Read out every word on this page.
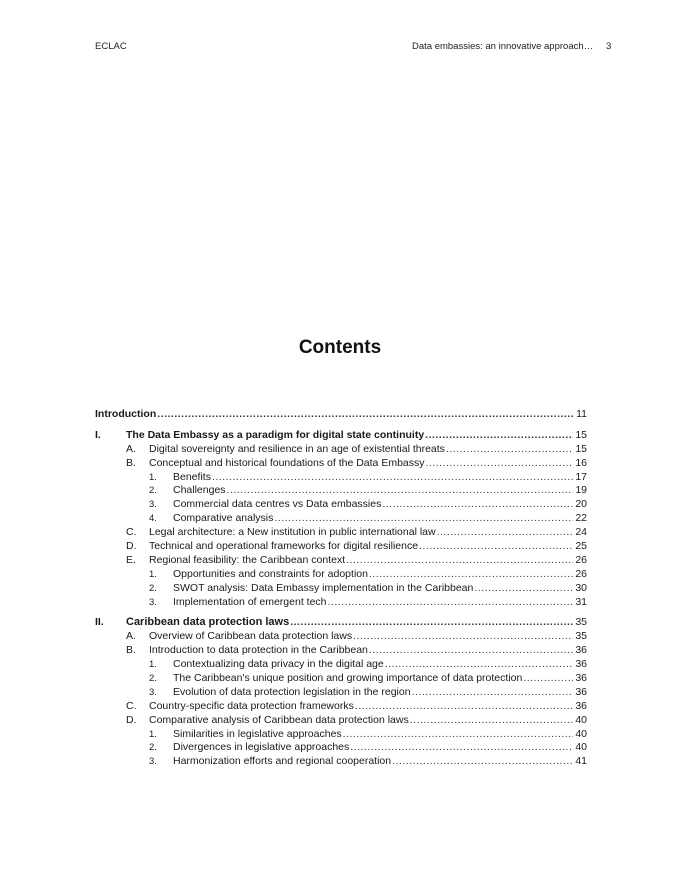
ECLAC	Data embassies: an innovative approach… 3
Contents
Introduction .....	11
I. The Data Embassy as a paradigm for digital state continuity .....	15
A. Digital sovereignty and resilience in an age of existential threats .....	15
B. Conceptual and historical foundations of the Data Embassy .....	16
1. Benefits .....	17
2. Challenges .....	19
3. Commercial data centres vs Data embassies .....	20
4. Comparative analysis .....	22
C. Legal architecture: a New institution in public international law .....	24
D. Technical and operational frameworks for digital resilience .....	25
E. Regional feasibility: the Caribbean context .....	26
1. Opportunities and constraints for adoption .....	26
2. SWOT analysis: Data Embassy implementation in the Caribbean .....	30
3. Implementation of emergent tech .....	31
II. Caribbean data protection laws .....	35
A. Overview of Caribbean data protection laws .....	35
B. Introduction to data protection in the Caribbean .....	36
1. Contextualizing data privacy in the digital age .....	36
2. The Caribbean's unique position and growing importance of data protection .....	36
3. Evolution of data protection legislation in the region .....	36
C. Country-specific data protection frameworks .....	36
D. Comparative analysis of Caribbean data protection laws .....	40
1. Similarities in legislative approaches .....	40
2. Divergences in legislative approaches .....	40
3. Harmonization efforts and regional cooperation .....	41
